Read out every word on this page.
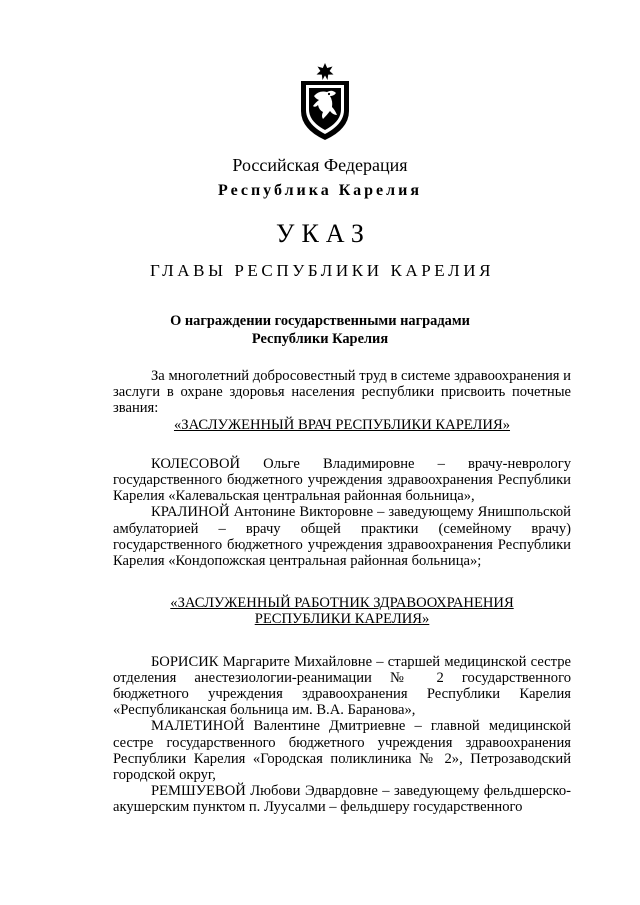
Российская Федерация
Республика Карелия
УКАЗ
ГЛАВЫ РЕСПУБЛИКИ КАРЕЛИЯ
О награждении государственными наградами
Республики Карелия

За многолетний добросовестный труд в системе здравоохранения и заслуги в охране здоровья населения республики присвоить почетные звания:

«ЗАСЛУЖЕННЫЙ ВРАЧ РЕСПУБЛИКИ КАРЕЛИЯ»

КОЛЕСОВОЙ Ольге Владимировне – врачу-неврологу государственного бюджетного учреждения здравоохранения Республики Карелия «Калевальская центральная районная больница»,

КРАЛИНОЙ Антонине Викторовне – заведующему Янишпольской амбулаторией – врачу общей практики (семейному врачу) государственного бюджетного учреждения здравоохранения Республики Карелия «Кондопожская центральная районная больница»;

«ЗАСЛУЖЕННЫЙ РАБОТНИК ЗДРАВООХРАНЕНИЯ
РЕСПУБЛИКИ КАРЕЛИЯ»

БОРИСИК Маргарите Михайловне – старшей медицинской сестре отделения анестезиологии-реанимации № 2 государственного бюджетного учреждения здравоохранения Республики Карелия «Республиканская больница им. В.А. Баранова»,

МАЛЕТИНОЙ Валентине Дмитриевне – главной медицинской сестре государственного бюджетного учреждения здравоохранения Республики Карелия «Городская поликлиника № 2», Петрозаводский городской округ,

РЕМШУЕВОЙ Любови Эдвардовне – заведующему фельдшерско-акушерским пунктом п. Луусалми – фельдшеру государственного
